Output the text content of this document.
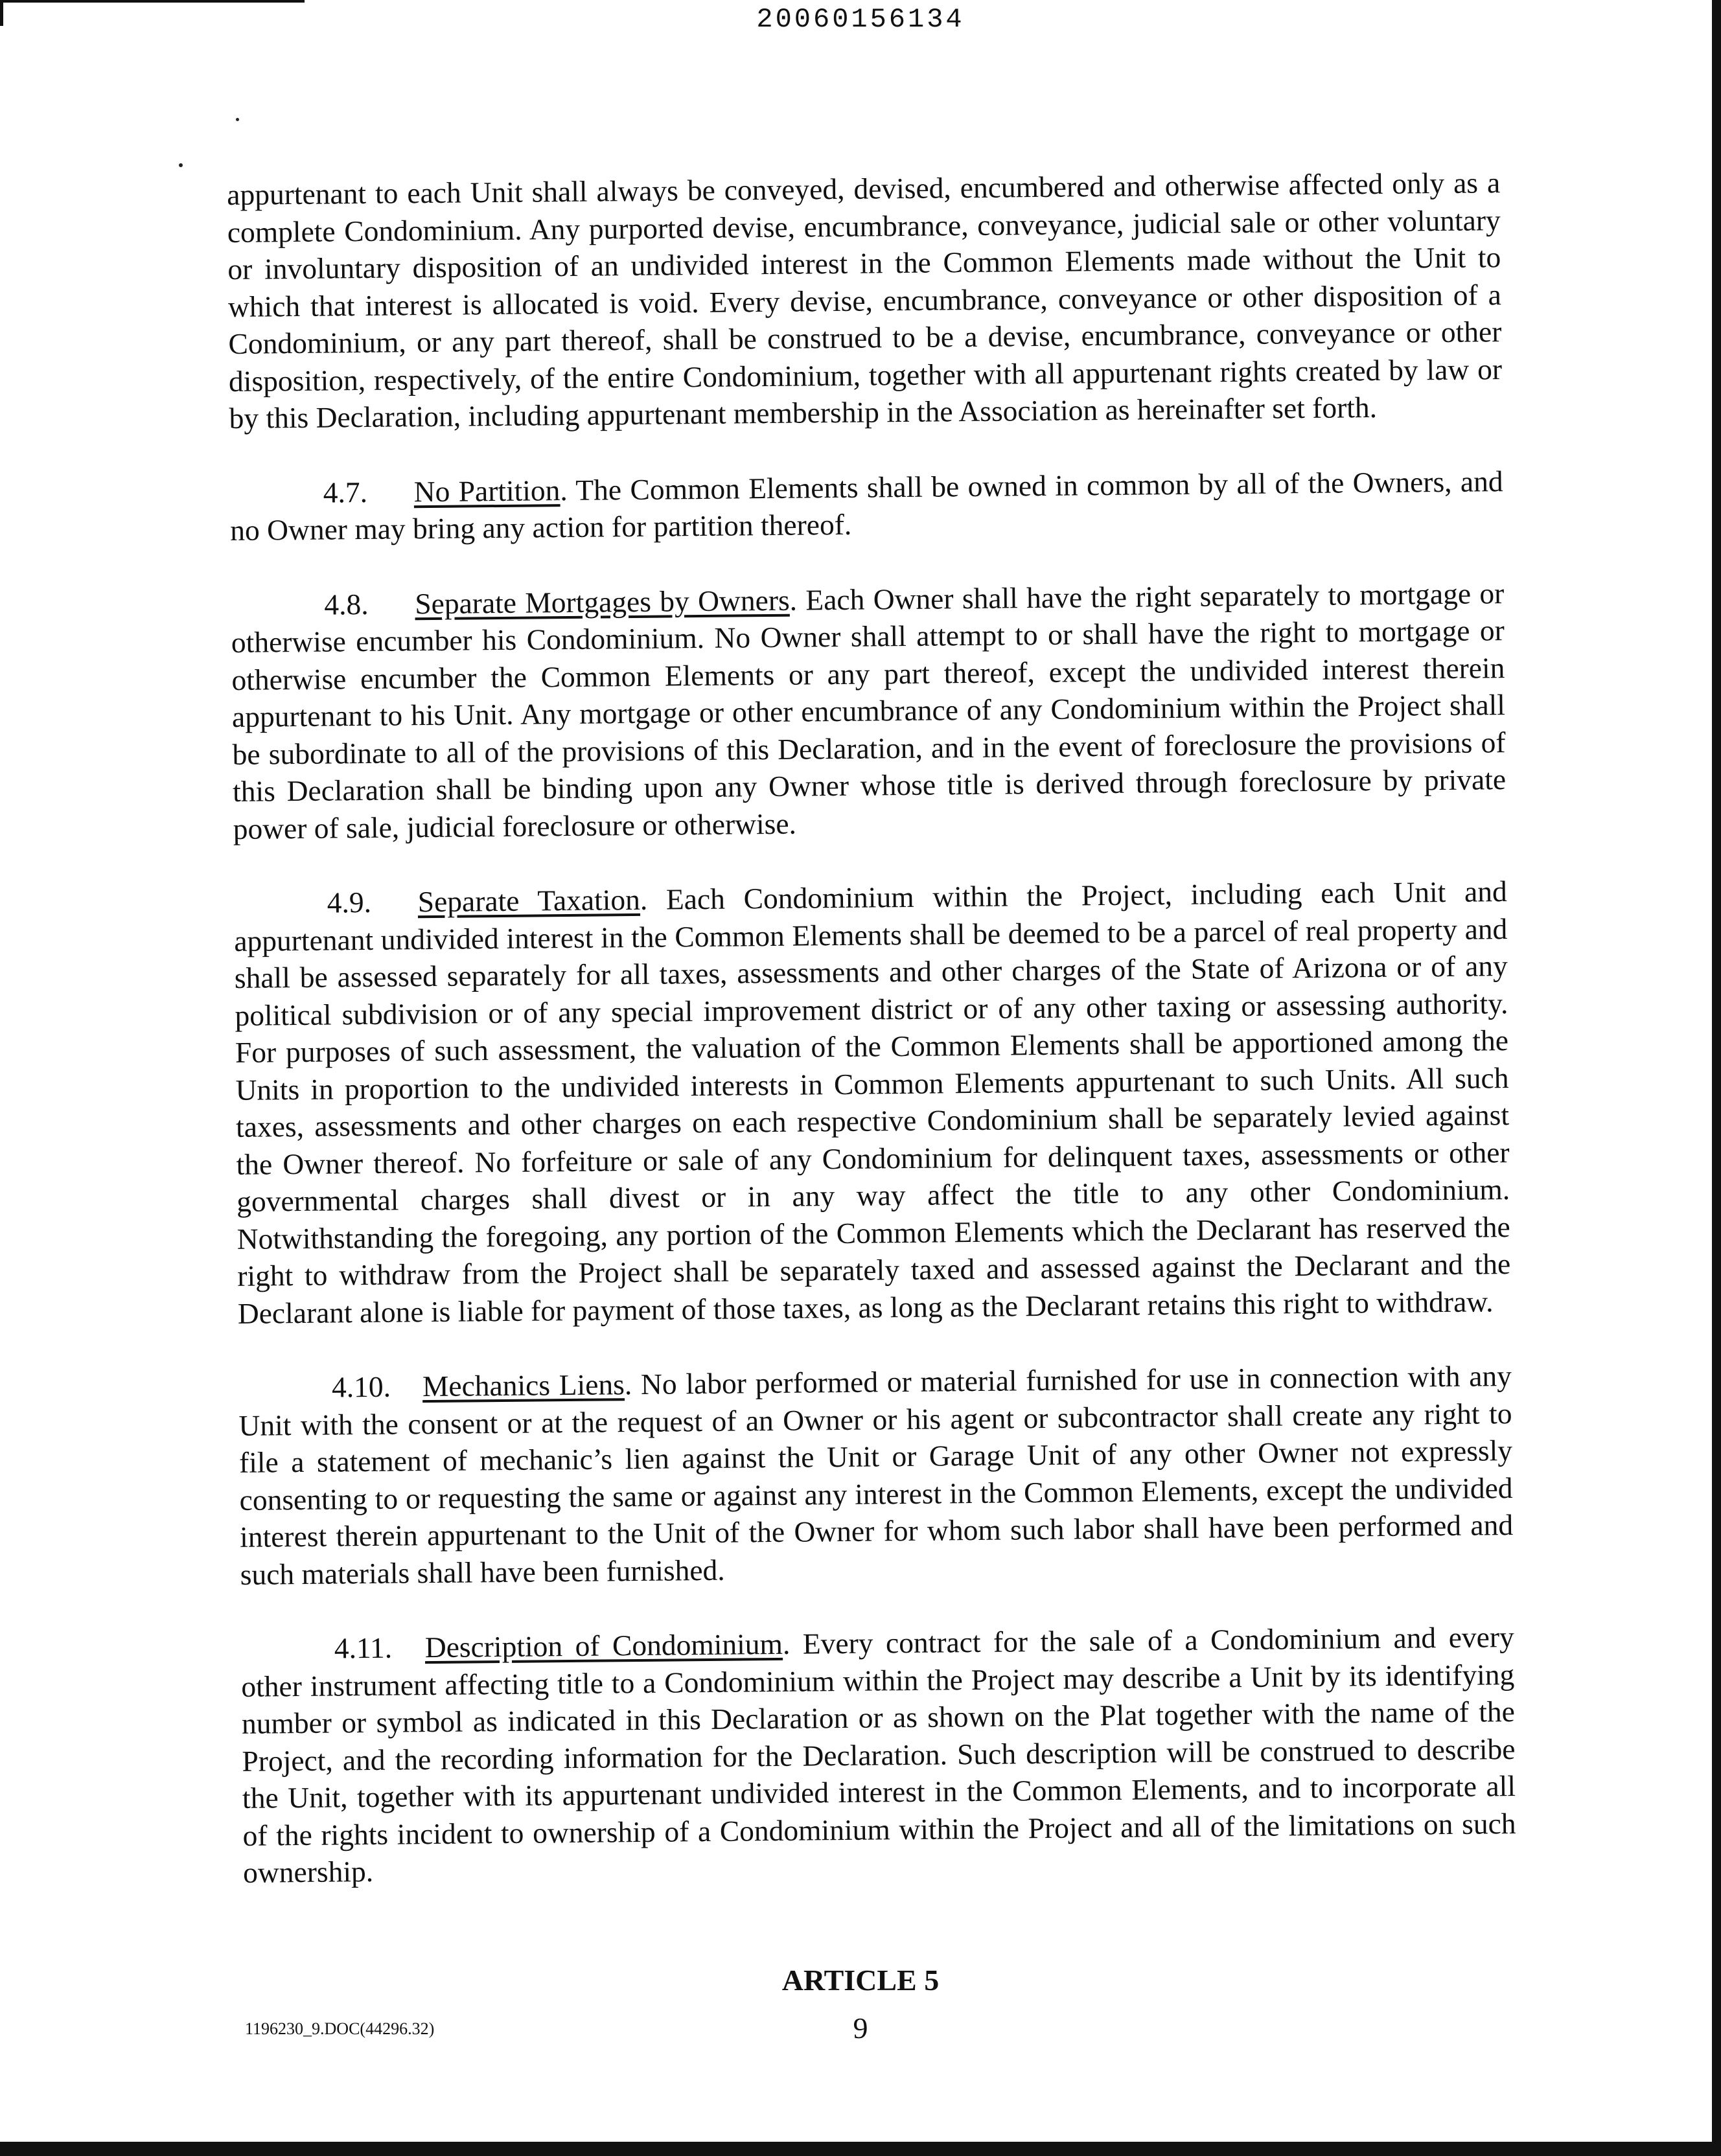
20060156134

appurtenant to each Unit shall always be conveyed, devised, encumbered and otherwise affected only as a complete Condominium. Any purported devise, encumbrance, conveyance, judicial sale or other voluntary or involuntary disposition of an undivided interest in the Common Elements made without the Unit to which that interest is allocated is void. Every devise, encumbrance, conveyance or other disposition of a Condominium, or any part thereof, shall be construed to be a devise, encumbrance, conveyance or other disposition, respectively, of the entire Condominium, together with all appurtenant rights created by law or by this Declaration, including appurtenant membership in the Association as hereinafter set forth.

4.7. No Partition. The Common Elements shall be owned in common by all of the Owners, and no Owner may bring any action for partition thereof.

4.8. Separate Mortgages by Owners. Each Owner shall have the right separately to mortgage or otherwise encumber his Condominium. No Owner shall attempt to or shall have the right to mortgage or otherwise encumber the Common Elements or any part thereof, except the undivided interest therein appurtenant to his Unit. Any mortgage or other encumbrance of any Condominium within the Project shall be subordinate to all of the provisions of this Declaration, and in the event of foreclosure the provisions of this Declaration shall be binding upon any Owner whose title is derived through foreclosure by private power of sale, judicial foreclosure or otherwise.

4.9. Separate Taxation. Each Condominium within the Project, including each Unit and appurtenant undivided interest in the Common Elements shall be deemed to be a parcel of real property and shall be assessed separately for all taxes, assessments and other charges of the State of Arizona or of any political subdivision or of any special improvement district or of any other taxing or assessing authority. For purposes of such assessment, the valuation of the Common Elements shall be apportioned among the Units in proportion to the undivided interests in Common Elements appurtenant to such Units. All such taxes, assessments and other charges on each respective Condominium shall be separately levied against the Owner thereof. No forfeiture or sale of any Condominium for delinquent taxes, assessments or other governmental charges shall divest or in any way affect the title to any other Condominium. Notwithstanding the foregoing, any portion of the Common Elements which the Declarant has reserved the right to withdraw from the Project shall be separately taxed and assessed against the Declarant and the Declarant alone is liable for payment of those taxes, as long as the Declarant retains this right to withdraw.

4.10. Mechanics Liens. No labor performed or material furnished for use in connection with any Unit with the consent or at the request of an Owner or his agent or subcontractor shall create any right to file a statement of mechanic’s lien against the Unit or Garage Unit of any other Owner not expressly consenting to or requesting the same or against any interest in the Common Elements, except the undivided interest therein appurtenant to the Unit of the Owner for whom such labor shall have been performed and such materials shall have been furnished.

4.11. Description of Condominium. Every contract for the sale of a Condominium and every other instrument affecting title to a Condominium within the Project may describe a Unit by its identifying number or symbol as indicated in this Declaration or as shown on the Plat together with the name of the Project, and the recording information for the Declaration. Such description will be construed to describe the Unit, together with its appurtenant undivided interest in the Common Elements, and to incorporate all of the rights incident to ownership of a Condominium within the Project and all of the limitations on such ownership.

ARTICLE 5
1196230_9.DOC(44296.32)	9
